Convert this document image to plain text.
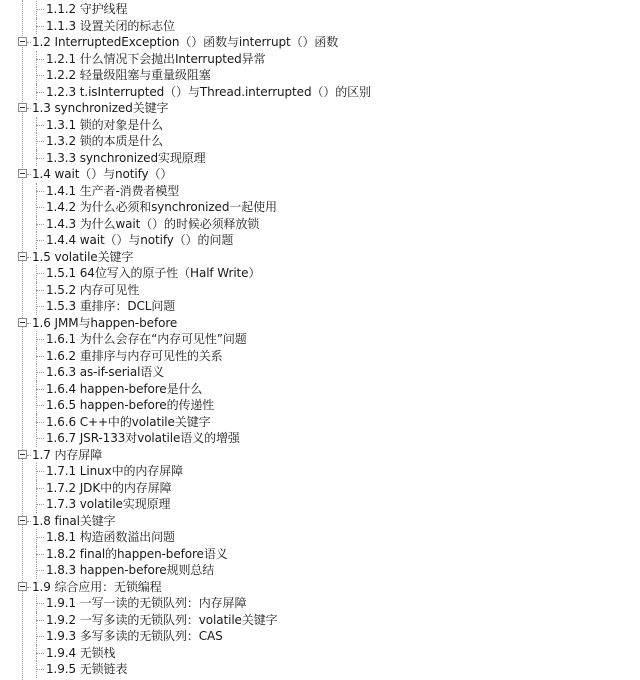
1.1.2 守护线程
1.1.3 设置关闭的标志位
1.2 InterruptedException（）函数与interrupt（）函数
1.2.1 什么情况下会抛出Interrupted异常
1.2.2 轻量级阻塞与重量级阻塞
1.2.3 t.isInterrupted（）与Thread.interrupted（）的区别
1.3 synchronized关键字
1.3.1 锁的对象是什么
1.3.2 锁的本质是什么
1.3.3 synchronized实现原理
1.4 wait（）与notify（）
1.4.1 生产者-消费者模型
1.4.2 为什么必须和synchronized一起使用
1.4.3 为什么wait（）的时候必须释放锁
1.4.4 wait（）与notify（）的问题
1.5 volatile关键字
1.5.1 64位写入的原子性（Half Write）
1.5.2 内存可见性
1.5.3 重排序：DCL问题
1.6 JMM与happen-before
1.6.1 为什么会存在“内存可见性”问题
1.6.2 重排序与内存可见性的关系
1.6.3 as-if-serial语义
1.6.4 happen-before是什么
1.6.5 happen-before的传递性
1.6.6 C++中的volatile关键字
1.6.7 JSR-133对volatile语义的增强
1.7 内存屏障
1.7.1 Linux中的内存屏障
1.7.2 JDK中的内存屏障
1.7.3 volatile实现原理
1.8 final关键字
1.8.1 构造函数溢出问题
1.8.2 final的happen-before语义
1.8.3 happen-before规则总结
1.9 综合应用：无锁编程
1.9.1 一写一读的无锁队列：内存屏障
1.9.2 一写多读的无锁队列：volatile关键字
1.9.3 多写多读的无锁队列：CAS
1.9.4 无锁栈
1.9.5 无锁链表
